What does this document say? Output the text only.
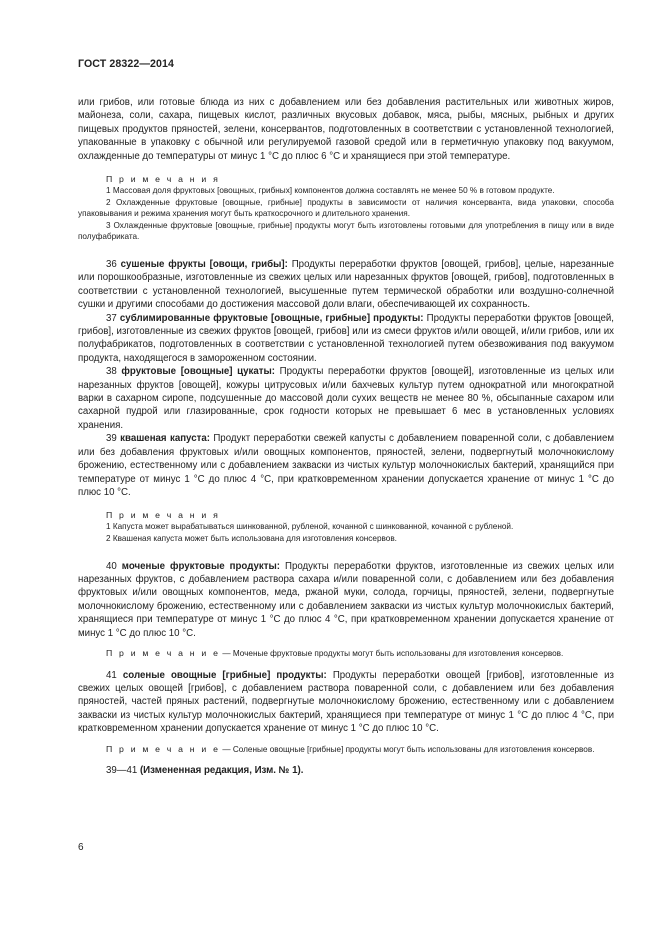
ГОСТ 28322—2014

или грибов, или готовые блюда из них с добавлением или без добавления растительных или животных жиров, майонеза, соли, сахара, пищевых кислот, различных вкусовых добавок, мяса, рыбы, мясных, рыбных и других пищевых продуктов пряностей, зелени, консервантов, подготовленных в соответствии с установленной технологией, упакованные в упаковку с обычной или регулируемой газовой средой или в герметичную упаковку под вакуумом, охлажденные до температуры от минус 1 °С до плюс 6 °С и хранящиеся при этой температуре.

П р и м е ч а н и я

1 Массовая доля фруктовых [овощных, грибных] компонентов должна составлять не менее 50 % в готовом продукте.

2 Охлажденные фруктовые [овощные, грибные] продукты в зависимости от наличия консерванта, вида упаковки, способа упаковывания и режима хранения могут быть краткосрочного и длительного хранения.

3 Охлажденные фруктовые [овощные, грибные] продукты могут быть изготовлены готовыми для употребления в пищу или в виде полуфабриката.

36 сушеные фрукты [овощи, грибы]: Продукты переработки фруктов [овощей, грибов], целые, нарезанные или порошкообразные, изготовленные из свежих целых или нарезанных фруктов [овощей, грибов], подготовленных в соответствии с установленной технологией, высушенные путем термической обработки или воздушно-солнечной сушки и другими способами до достижения массовой доли влаги, обеспечивающей их сохранность.

37 сублимированные фруктовые [овощные, грибные] продукты: Продукты переработки фруктов [овощей, грибов], изготовленные из свежих фруктов [овощей, грибов] или из смеси фруктов и/или овощей, и/или грибов, или их полуфабрикатов, подготовленных в соответствии с установленной технологией путем обезвоживания под вакуумом продукта, находящегося в замороженном состоянии.

38 фруктовые [овощные] цукаты: Продукты переработки фруктов [овощей], изготовленные из целых или нарезанных фруктов [овощей], кожуры цитрусовых и/или бахчевых культур путем однократной или многократной варки в сахарном сиропе, подсушенные до массовой доли сухих веществ не менее 80 %, обсыпанные сахаром или сахарной пудрой или глазированные, срок годности которых не превышает 6 мес в установленных условиях хранения.

39 квашеная капуста: Продукт переработки свежей капусты с добавлением поваренной соли, с добавлением или без добавления фруктовых и/или овощных компонентов, пряностей, зелени, подвергнутый молочнокислому брожению, естественному или с добавлением закваски из чистых культур молочнокислых бактерий, хранящийся при температуре от минус 1 °С до плюс 4 °С, при кратковременном хранении допускается хранение от минус 1 °С до плюс 10 °С.

П р и м е ч а н и я

1 Капуста может вырабатываться шинкованной, рубленой, кочанной с шинкованной, кочанной с рубленой.

2 Квашеная капуста может быть использована для изготовления консервов.

40 моченые фруктовые продукты: Продукты переработки фруктов, изготовленные из свежих целых или нарезанных фруктов, с добавлением раствора сахара и/или поваренной соли, с добавлением или без добавления фруктовых и/или овощных компонентов, меда, ржаной муки, солода, горчицы, пряностей, зелени, подвергнутые молочнокислому брожению, естественному или с добавлением закваски из чистых культур молочнокислых бактерий, хранящиеся при температуре от минус 1 °С до плюс 4 °С, при кратковременном хранении допускается хранение от минус 1 °С до плюс 10 °С.

П р и м е ч а н и е — Моченые фруктовые продукты могут быть использованы для изготовления консервов.

41 соленые овощные [грибные] продукты: Продукты переработки овощей [грибов], изготовленные из свежих целых овощей [грибов], с добавлением раствора поваренной соли, с добавлением или без добавления пряностей, частей пряных растений, подвергнутые молочнокислому брожению, естественному или с добавлением закваски из чистых культур молочнокислых бактерий, хранящиеся при температуре от минус 1 °С до плюс 4 °С, при кратковременном хранении допускается хранение от минус 1 °С до плюс 10 °С.

П р и м е ч а н и е — Соленые овощные [грибные] продукты могут быть использованы для изготовления консервов.

39—41 (Измененная редакция, Изм. № 1).

6
